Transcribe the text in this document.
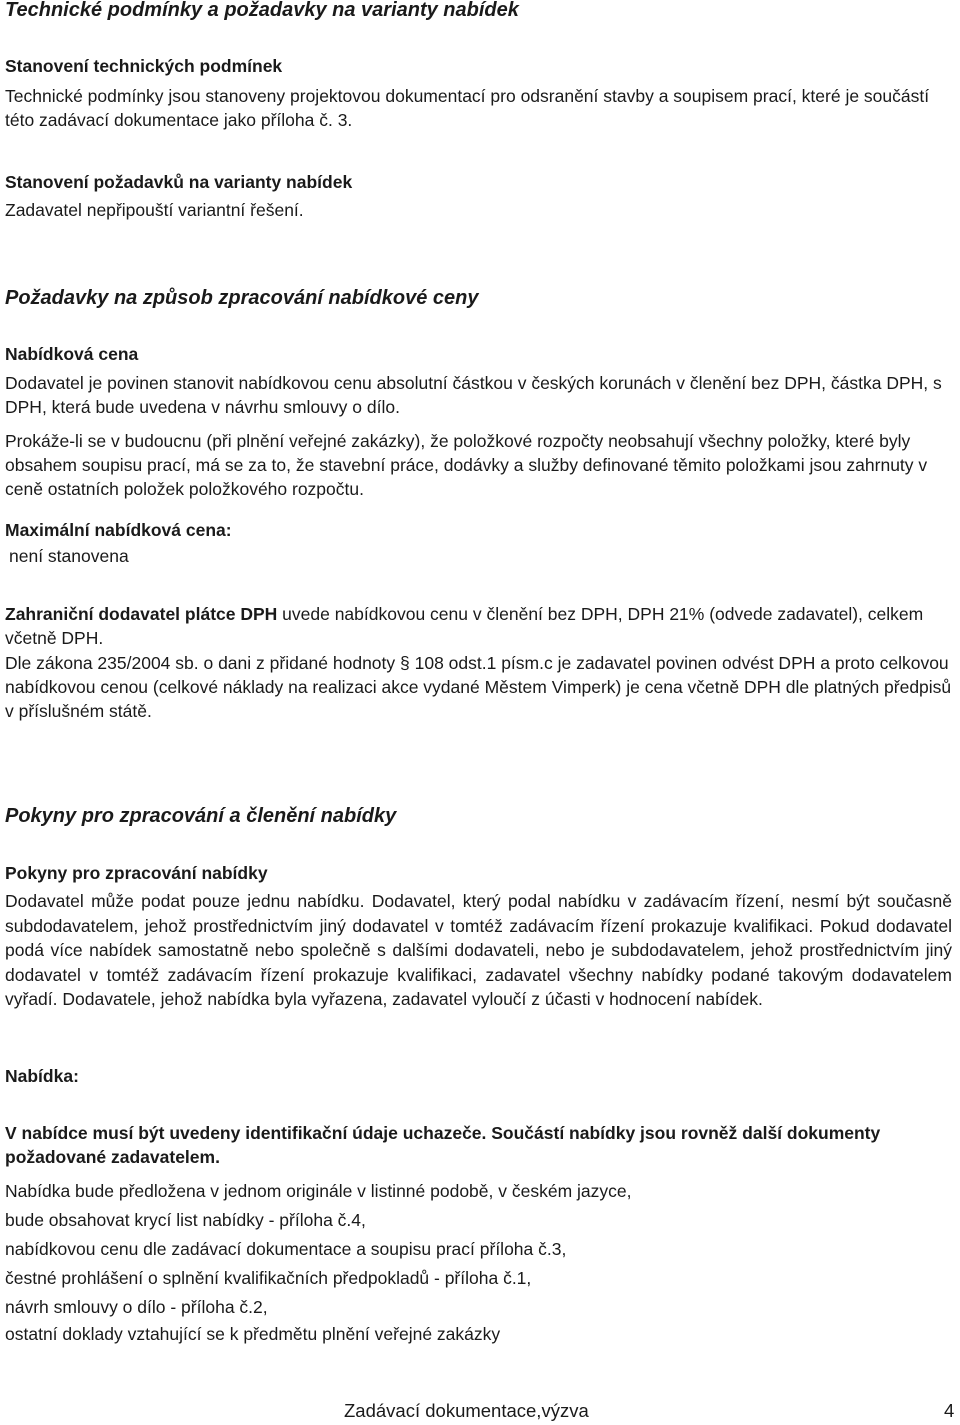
Technické podmínky a požadavky na varianty nabídek

Stanovení technických podmínek

Technické podmínky jsou stanoveny projektovou dokumentací pro odsranění stavby a soupisem prací, které je součástí této zadávací dokumentace jako příloha č. 3.

Stanovení požadavků na varianty nabídek

Zadavatel nepřipouští variantní řešení.

Požadavky na způsob zpracování nabídkové ceny

Nabídková cena

Dodavatel je povinen stanovit nabídkovou cenu absolutní částkou v českých korunách v členění bez DPH, částka DPH, s DPH, která bude uvedena v návrhu smlouvy o dílo.

Prokáže-li se v budoucnu (při plnění veřejné zakázky), že položkové rozpočty neobsahují všechny položky, které byly obsahem soupisu prací, má se za to, že stavební práce, dodávky a služby definované těmito položkami jsou zahrnuty v ceně ostatních položek položkového rozpočtu.

Maximální nabídková cena:

není stanovena

Zahraniční dodavatel plátce DPH uvede nabídkovou cenu v členění bez DPH, DPH 21% (odvede zadavatel), celkem včetně DPH.

Dle zákona 235/2004 sb. o dani z přidané hodnoty § 108 odst.1 písm.c je zadavatel povinen odvést DPH a proto celkovou nabídkovou cenou (celkové náklady na realizaci akce vydané Městem Vimperk) je cena včetně DPH dle platných předpisů v příslušném státě.

Pokyny pro zpracování a členění nabídky

Pokyny pro zpracování nabídky

Dodavatel může podat pouze jednu nabídku. Dodavatel, který podal nabídku v zadávacím řízení, nesmí být současně subdodavatelem, jehož prostřednictvím jiný dodavatel v tomtéž zadávacím řízení prokazuje kvalifikaci. Pokud dodavatel podá více nabídek samostatně nebo společně s dalšími dodavateli, nebo je subdodavatelem, jehož prostřednictvím jiný dodavatel v tomtéž zadávacím řízení prokazuje kvalifikaci, zadavatel všechny nabídky podané takovým dodavatelem vyřadí. Dodavatele, jehož nabídka byla vyřazena, zadavatel vyloučí z účasti v hodnocení nabídek.

Nabídka:

V nabídce musí být uvedeny identifikační údaje uchazeče. Součástí nabídky jsou rovněž další dokumenty požadované zadavatelem.

Nabídka bude předložena v jednom originále v listinné podobě, v českém jazyce,

bude obsahovat krycí list nabídky - příloha č.4,

nabídkovou cenu dle zadávací dokumentace a soupisu prací příloha č.3,

čestné prohlášení o splnění kvalifikačních předpokladů - příloha č.1,

návrh smlouvy o dílo - příloha č.2,

ostatní doklady vztahující se k předmětu plnění veřejné zakázky

Zadávací dokumentace,výzva	4
